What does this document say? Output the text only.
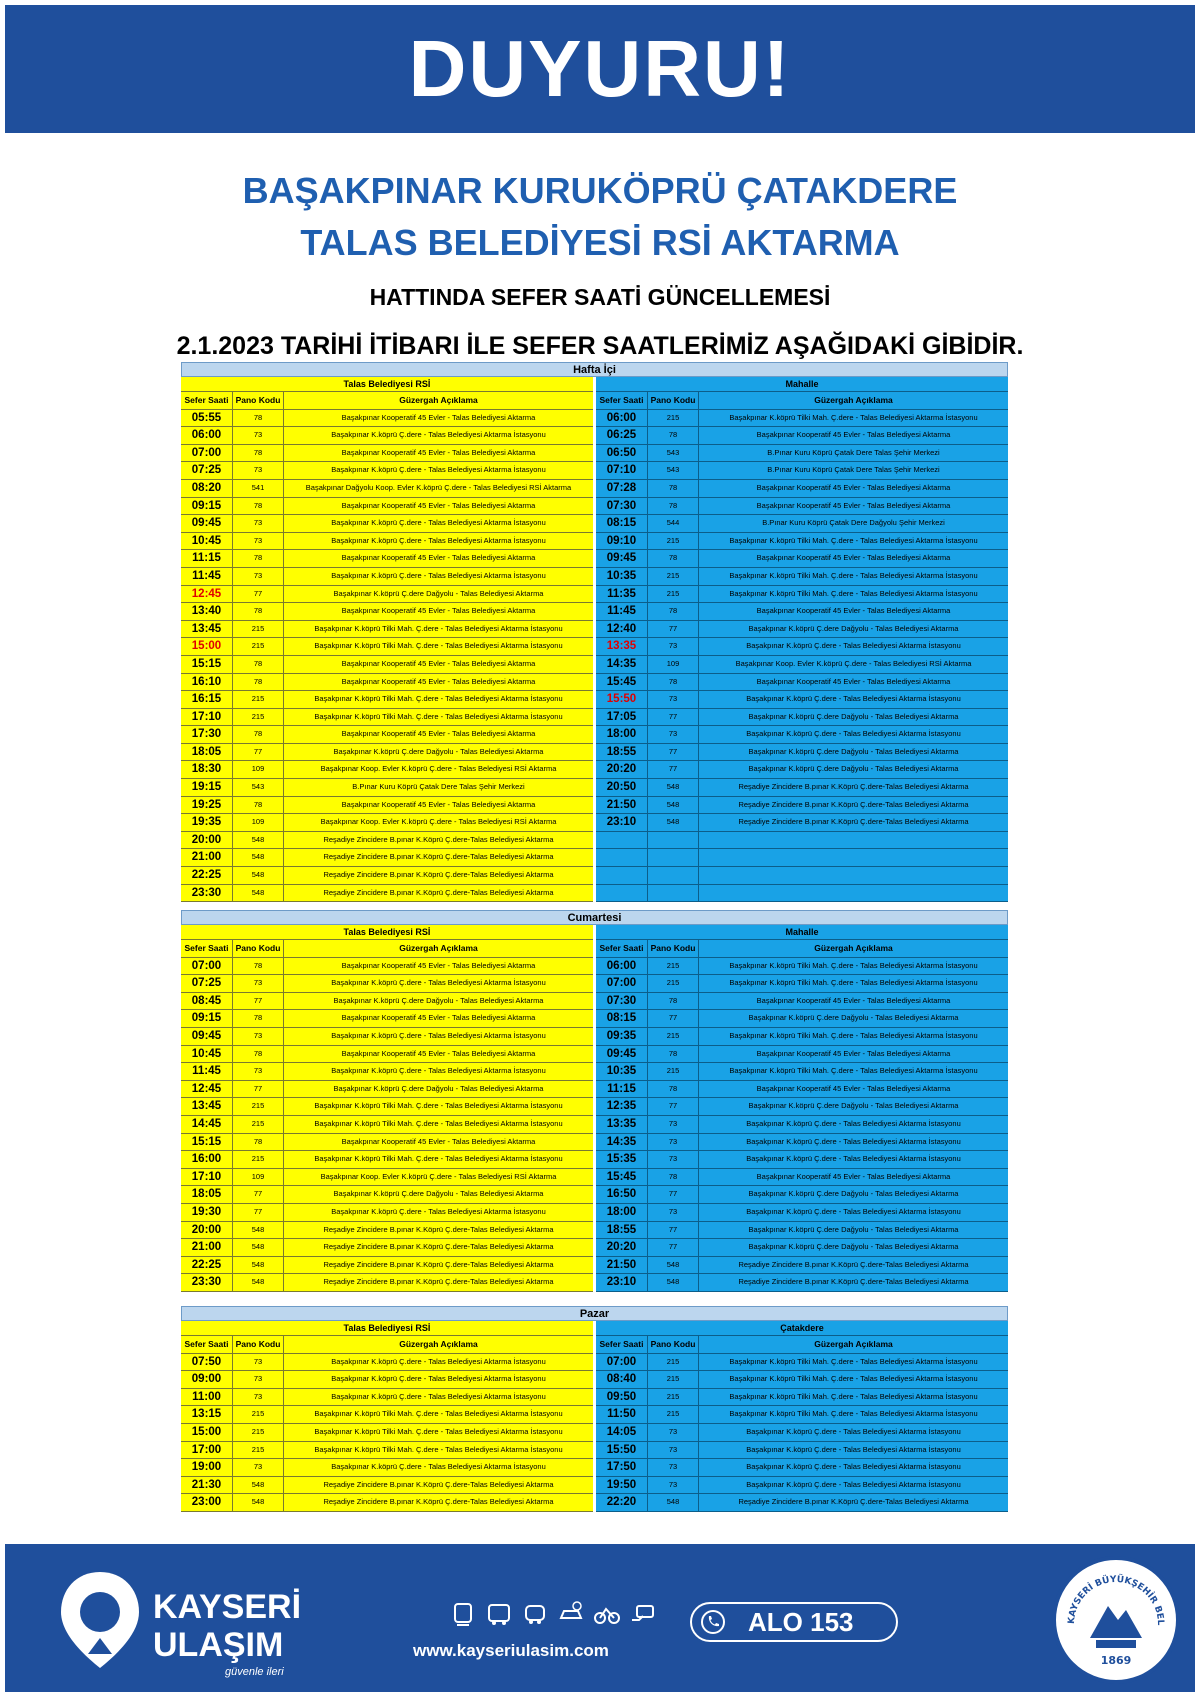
DUYURU!
BAŞAKPINAR KURUKÖPRÜ ÇATAKDERE
TALAS BELEDİYESİ RSİ AKTARMA
HATTINDA SEFER SAATİ GÜNCELLEMESİ
2.1.2023 TARİHİ İTİBARI İLE SEFER SAATLERİMİZ AŞAĞIDAKİ GİBİDİR.
Hafta İçi
Talas Belediyesi RSİ
Sefer Saati Pano Kodu	Güzergah Açıklama
05:55	78	Başakpınar Kooperatif 45 Evler - Talas Belediyesi Aktarma
06:00	73	Başakpınar K.köprü Ç.dere - Talas Belediyesi Aktarma İstasyonu
07:00	78	Başakpınar Kooperatif 45 Evler - Talas Belediyesi Aktarma
07:25	73	Başakpınar K.köprü Ç.dere - Talas Belediyesi Aktarma İstasyonu
08:20	541	Başakpınar Dağyolu Koop. Evler K.köprü Ç.dere - Talas Belediyesi RSİ Aktarma
09:15	78	Başakpınar Kooperatif 45 Evler - Talas Belediyesi Aktarma
09:45	73	Başakpınar K.köprü Ç.dere - Talas Belediyesi Aktarma İstasyonu
10:45	73	Başakpınar K.köprü Ç.dere - Talas Belediyesi Aktarma İstasyonu
11:15	78	Başakpınar Kooperatif 45 Evler - Talas Belediyesi Aktarma
11:45	73	Başakpınar K.köprü Ç.dere - Talas Belediyesi Aktarma İstasyonu
12:45	77	Başakpınar K.köprü Ç.dere Dağyolu - Talas Belediyesi Aktarma
13:40	78	Başakpınar Kooperatif 45 Evler - Talas Belediyesi Aktarma
13:45	215	Başakpınar K.köprü Tilki Mah. Ç.dere - Talas Belediyesi Aktarma İstasyonu
15:00	215	Başakpınar K.köprü Tilki Mah. Ç.dere - Talas Belediyesi Aktarma İstasyonu
15:15	78	Başakpınar Kooperatif 45 Evler - Talas Belediyesi Aktarma
16:10	78	Başakpınar Kooperatif 45 Evler - Talas Belediyesi Aktarma
16:15	215	Başakpınar K.köprü Tilki Mah. Ç.dere - Talas Belediyesi Aktarma İstasyonu
17:10	215	Başakpınar K.köprü Tilki Mah. Ç.dere - Talas Belediyesi Aktarma İstasyonu
17:30	78	Başakpınar Kooperatif 45 Evler - Talas Belediyesi Aktarma
18:05	77	Başakpınar K.köprü Ç.dere Dağyolu - Talas Belediyesi Aktarma
18:30	109	Başakpınar Koop. Evler K.köprü Ç.dere - Talas Belediyesi RSİ Aktarma
19:15	543	B.Pınar Kuru Köprü Çatak Dere Talas Şehir Merkezi
19:25	78	Başakpınar Kooperatif 45 Evler - Talas Belediyesi Aktarma
19:35	109	Başakpınar Koop. Evler K.köprü Ç.dere - Talas Belediyesi RSİ Aktarma
20:00	548	Reşadiye Zincidere B.pınar K.Köprü Ç.dere-Talas Belediyesi Aktarma
21:00	548	Reşadiye Zincidere B.pınar K.Köprü Ç.dere-Talas Belediyesi Aktarma
22:25	548	Reşadiye Zincidere B.pınar K.Köprü Ç.dere-Talas Belediyesi Aktarma
23:30	548	Reşadiye Zincidere B.pınar K.Köprü Ç.dere-Talas Belediyesi Aktarma
Mahalle
Sefer Saati Pano Kodu	Güzergah Açıklama
06:00	215	Başakpınar K.köprü Tilki Mah. Ç.dere - Talas Belediyesi Aktarma İstasyonu
06:25	78	Başakpınar Kooperatif 45 Evler - Talas Belediyesi Aktarma
06:50	543	B.Pınar Kuru Köprü Çatak Dere Talas Şehir Merkezi
07:10	543	B.Pınar Kuru Köprü Çatak Dere Talas Şehir Merkezi
07:28	78	Başakpınar Kooperatif 45 Evler - Talas Belediyesi Aktarma
07:30	78	Başakpınar Kooperatif 45 Evler - Talas Belediyesi Aktarma
08:15	544	B.Pınar Kuru Köprü Çatak Dere Dağyolu Şehir Merkezi
09:10	215	Başakpınar K.köprü Tilki Mah. Ç.dere - Talas Belediyesi Aktarma İstasyonu
09:45	78	Başakpınar Kooperatif 45 Evler - Talas Belediyesi Aktarma
10:35	215	Başakpınar K.köprü Tilki Mah. Ç.dere - Talas Belediyesi Aktarma İstasyonu
11:35	215	Başakpınar K.köprü Tilki Mah. Ç.dere - Talas Belediyesi Aktarma İstasyonu
11:45	78	Başakpınar Kooperatif 45 Evler - Talas Belediyesi Aktarma
12:40	77	Başakpınar K.köprü Ç.dere Dağyolu - Talas Belediyesi Aktarma
13:35	73	Başakpınar K.köprü Ç.dere - Talas Belediyesi Aktarma İstasyonu
14:35	109	Başakpınar Koop. Evler K.köprü Ç.dere - Talas Belediyesi RSİ Aktarma
15:45	78	Başakpınar Kooperatif 45 Evler - Talas Belediyesi Aktarma
15:50	73	Başakpınar K.köprü Ç.dere - Talas Belediyesi Aktarma İstasyonu
17:05	77	Başakpınar K.köprü Ç.dere Dağyolu - Talas Belediyesi Aktarma
18:00	73	Başakpınar K.köprü Ç.dere - Talas Belediyesi Aktarma İstasyonu
18:55	77	Başakpınar K.köprü Ç.dere Dağyolu - Talas Belediyesi Aktarma
20:20	77	Başakpınar K.köprü Ç.dere Dağyolu - Talas Belediyesi Aktarma
20:50	548	Reşadiye Zincidere B.pınar K.Köprü Ç.dere-Talas Belediyesi Aktarma
21:50	548	Reşadiye Zincidere B.pınar K.Köprü Ç.dere-Talas Belediyesi Aktarma
23:10	548	Reşadiye Zincidere B.pınar K.Köprü Ç.dere-Talas Belediyesi Aktarma
Cumartesi
Talas Belediyesi RSİ
Sefer Saati Pano Kodu	Güzergah Açıklama
07:00	78	Başakpınar Kooperatif 45 Evler - Talas Belediyesi Aktarma
07:25	73	Başakpınar K.köprü Ç.dere - Talas Belediyesi Aktarma İstasyonu
08:45	77	Başakpınar K.köprü Ç.dere Dağyolu - Talas Belediyesi Aktarma
09:15	78	Başakpınar Kooperatif 45 Evler - Talas Belediyesi Aktarma
09:45	73	Başakpınar K.köprü Ç.dere - Talas Belediyesi Aktarma İstasyonu
10:45	78	Başakpınar Kooperatif 45 Evler - Talas Belediyesi Aktarma
11:45	73	Başakpınar K.köprü Ç.dere - Talas Belediyesi Aktarma İstasyonu
12:45	77	Başakpınar K.köprü Ç.dere Dağyolu - Talas Belediyesi Aktarma
13:45	215	Başakpınar K.köprü Tilki Mah. Ç.dere - Talas Belediyesi Aktarma İstasyonu
14:45	215	Başakpınar K.köprü Tilki Mah. Ç.dere - Talas Belediyesi Aktarma İstasyonu
15:15	78	Başakpınar Kooperatif 45 Evler - Talas Belediyesi Aktarma
16:00	215	Başakpınar K.köprü Tilki Mah. Ç.dere - Talas Belediyesi Aktarma İstasyonu
17:10	109	Başakpınar Koop. Evler K.köprü Ç.dere - Talas Belediyesi RSİ Aktarma
18:05	77	Başakpınar K.köprü Ç.dere Dağyolu - Talas Belediyesi Aktarma
19:30	77	Başakpınar K.köprü Ç.dere - Talas Belediyesi Aktarma İstasyonu
20:00	548	Reşadiye Zincidere B.pınar K.Köprü Ç.dere-Talas Belediyesi Aktarma
21:00	548	Reşadiye Zincidere B.pınar K.Köprü Ç.dere-Talas Belediyesi Aktarma
22:25	548	Reşadiye Zincidere B.pınar K.Köprü Ç.dere-Talas Belediyesi Aktarma
23:30	548	Reşadiye Zincidere B.pınar K.Köprü Ç.dere-Talas Belediyesi Aktarma
Mahalle
Sefer Saati Pano Kodu	Güzergah Açıklama
06:00	215	Başakpınar K.köprü Tilki Mah. Ç.dere - Talas Belediyesi Aktarma İstasyonu
07:00	215	Başakpınar K.köprü Tilki Mah. Ç.dere - Talas Belediyesi Aktarma İstasyonu
07:30	78	Başakpınar Kooperatif 45 Evler - Talas Belediyesi Aktarma
08:15	77	Başakpınar K.köprü Ç.dere Dağyolu - Talas Belediyesi Aktarma
09:35	215	Başakpınar K.köprü Tilki Mah. Ç.dere - Talas Belediyesi Aktarma İstasyonu
09:45	78	Başakpınar Kooperatif 45 Evler - Talas Belediyesi Aktarma
10:35	215	Başakpınar K.köprü Tilki Mah. Ç.dere - Talas Belediyesi Aktarma İstasyonu
11:15	78	Başakpınar Kooperatif 45 Evler - Talas Belediyesi Aktarma
12:35	77	Başakpınar K.köprü Ç.dere Dağyolu - Talas Belediyesi Aktarma
13:35	73	Başakpınar K.köprü Ç.dere - Talas Belediyesi Aktarma İstasyonu
14:35	73	Başakpınar K.köprü Ç.dere - Talas Belediyesi Aktarma İstasyonu
15:35	73	Başakpınar K.köprü Ç.dere - Talas Belediyesi Aktarma İstasyonu
15:45	78	Başakpınar Kooperatif 45 Evler - Talas Belediyesi Aktarma
16:50	77	Başakpınar K.köprü Ç.dere Dağyolu - Talas Belediyesi Aktarma
18:00	73	Başakpınar K.köprü Ç.dere - Talas Belediyesi Aktarma İstasyonu
18:55	77	Başakpınar K.köprü Ç.dere Dağyolu - Talas Belediyesi Aktarma
20:20	77	Başakpınar K.köprü Ç.dere Dağyolu - Talas Belediyesi Aktarma
21:50	548	Reşadiye Zincidere B.pınar K.Köprü Ç.dere-Talas Belediyesi Aktarma
23:10	548	Reşadiye Zincidere B.pınar K.Köprü Ç.dere-Talas Belediyesi Aktarma
Pazar
Talas Belediyesi RSİ
Sefer Saati Pano Kodu	Güzergah Açıklama
07:50	73	Başakpınar K.köprü Ç.dere - Talas Belediyesi Aktarma İstasyonu
09:00	73	Başakpınar K.köprü Ç.dere - Talas Belediyesi Aktarma İstasyonu
11:00	73	Başakpınar K.köprü Ç.dere - Talas Belediyesi Aktarma İstasyonu
13:15	215	Başakpınar K.köprü Tilki Mah. Ç.dere - Talas Belediyesi Aktarma İstasyonu
15:00	215	Başakpınar K.köprü Tilki Mah. Ç.dere - Talas Belediyesi Aktarma İstasyonu
17:00	215	Başakpınar K.köprü Tilki Mah. Ç.dere - Talas Belediyesi Aktarma İstasyonu
19:00	73	Başakpınar K.köprü Ç.dere - Talas Belediyesi Aktarma İstasyonu
21:30	548	Reşadiye Zincidere B.pınar K.Köprü Ç.dere-Talas Belediyesi Aktarma
23:00	548	Reşadiye Zincidere B.pınar K.Köprü Ç.dere-Talas Belediyesi Aktarma
Çatakdere
Sefer Saati Pano Kodu	Güzergah Açıklama
07:00	215	Başakpınar K.köprü Tilki Mah. Ç.dere - Talas Belediyesi Aktarma İstasyonu
08:40	215	Başakpınar K.köprü Tilki Mah. Ç.dere - Talas Belediyesi Aktarma İstasyonu
09:50	215	Başakpınar K.köprü Tilki Mah. Ç.dere - Talas Belediyesi Aktarma İstasyonu
11:50	215	Başakpınar K.köprü Tilki Mah. Ç.dere - Talas Belediyesi Aktarma İstasyonu
14:05	73	Başakpınar K.köprü Ç.dere - Talas Belediyesi Aktarma İstasyonu
15:50	73	Başakpınar K.köprü Ç.dere - Talas Belediyesi Aktarma İstasyonu
17:50	73	Başakpınar K.köprü Ç.dere - Talas Belediyesi Aktarma İstasyonu
19:50	73	Başakpınar K.köprü Ç.dere - Talas Belediyesi Aktarma İstasyonu
22:20	548	Reşadiye Zincidere B.pınar K.Köprü Ç.dere-Talas Belediyesi Aktarma
KAYSERİ
ULAŞIM
güvenle ileri
www.kayseriulasim.com
KAYSERİ BÜYÜKŞEHİR BEL
1869
ALO 153
